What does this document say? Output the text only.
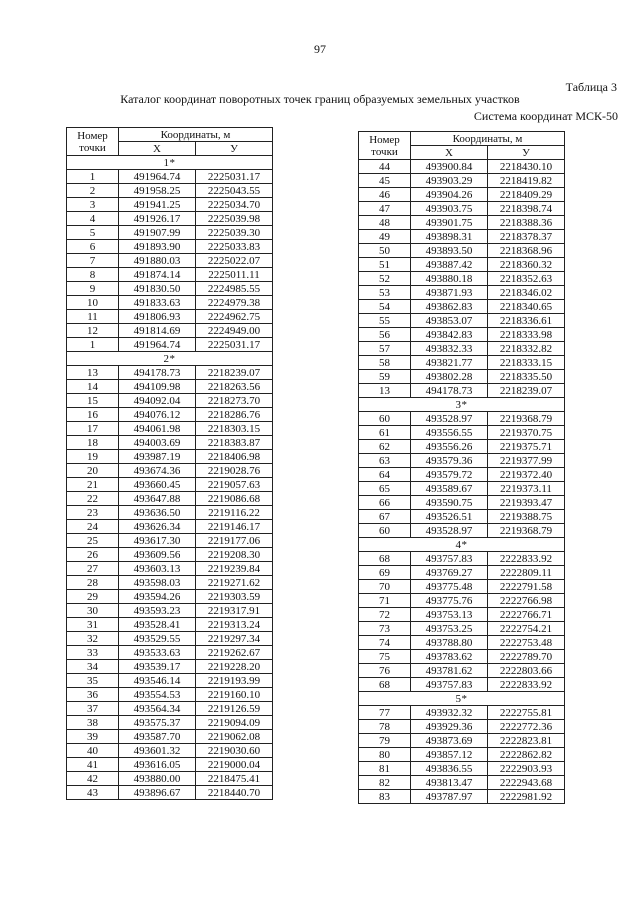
97
Таблица 3
Каталог координат поворотных точек границ образуемых земельных участков
Система координат МСК-50
Номер
точки	Координаты, м	
	X	У
1*		
1	491964.74	2225031.17
2	491958.25	2225043.55
3	491941.25	2225034.70
4	491926.17	2225039.98
5	491907.99	2225039.30
6	491893.90	2225033.83
7	491880.03	2225022.07
8	491874.14	2225011.11
9	491830.50	2224985.55
10	491833.63	2224979.38
11	491806.93	2224962.75
12	491814.69	2224949.00
1	491964.74	2225031.17
2*		
13	494178.73	2218239.07
14	494109.98	2218263.56
15	494092.04	2218273.70
16	494076.12	2218286.76
17	494061.98	2218303.15
18	494003.69	2218383.87
19	493987.19	2218406.98
20	493674.36	2219028.76
21	493660.45	2219057.63
22	493647.88	2219086.68
23	493636.50	2219116.22
24	493626.34	2219146.17
25	493617.30	2219177.06
26	493609.56	2219208.30
27	493603.13	2219239.84
28	493598.03	2219271.62
29	493594.26	2219303.59
30	493593.23	2219317.91
31	493528.41	2219313.24
32	493529.55	2219297.34
33	493533.63	2219262.67
34	493539.17	2219228.20
35	493546.14	2219193.99
36	493554.53	2219160.10
37	493564.34	2219126.59
38	493575.37	2219094.09
39	493587.70	2219062.08
40	493601.32	2219030.60
41	493616.05	2219000.04
42	493880.00	2218475.41
43	493896.67	2218440.70
Номер
точки	Координаты, м	
	X	У
44	493900.84	2218430.10
45	493903.29	2218419.82
46	493904.26	2218409.29
47	493903.75	2218398.74
48	493901.75	2218388.36
49	493898.31	2218378.37
50	493893.50	2218368.96
51	493887.42	2218360.32
52	493880.18	2218352.63
53	493871.93	2218346.02
54	493862.83	2218340.65
55	493853.07	2218336.61
56	493842.83	2218333.98
57	493832.33	2218332.82
58	493821.77	2218333.15
59	493802.28	2218335.50
13	494178.73	2218239.07
3*		
60	493528.97	2219368.79
61	493556.55	2219370.75
62	493556.26	2219375.71
63	493579.36	2219377.99
64	493579.72	2219372.40
65	493589.67	2219373.11
66	493590.75	2219393.47
67	493526.51	2219388.75
60	493528.97	2219368.79
4*		
68	493757.83	2222833.92
69	493769.27	2222809.11
70	493775.48	2222791.58
71	493775.76	2222766.98
72	493753.13	2222766.71
73	493753.25	2222754.21
74	493788.80	2222753.48
75	493783.62	2222789.70
76	493781.62	2222803.66
68	493757.83	2222833.92
5*		
77	493932.32	2222755.81
78	493929.36	2222772.36
79	493873.69	2222823.81
80	493857.12	2222862.82
81	493836.55	2222903.93
82	493813.47	2222943.68
83	493787.97	2222981.92
